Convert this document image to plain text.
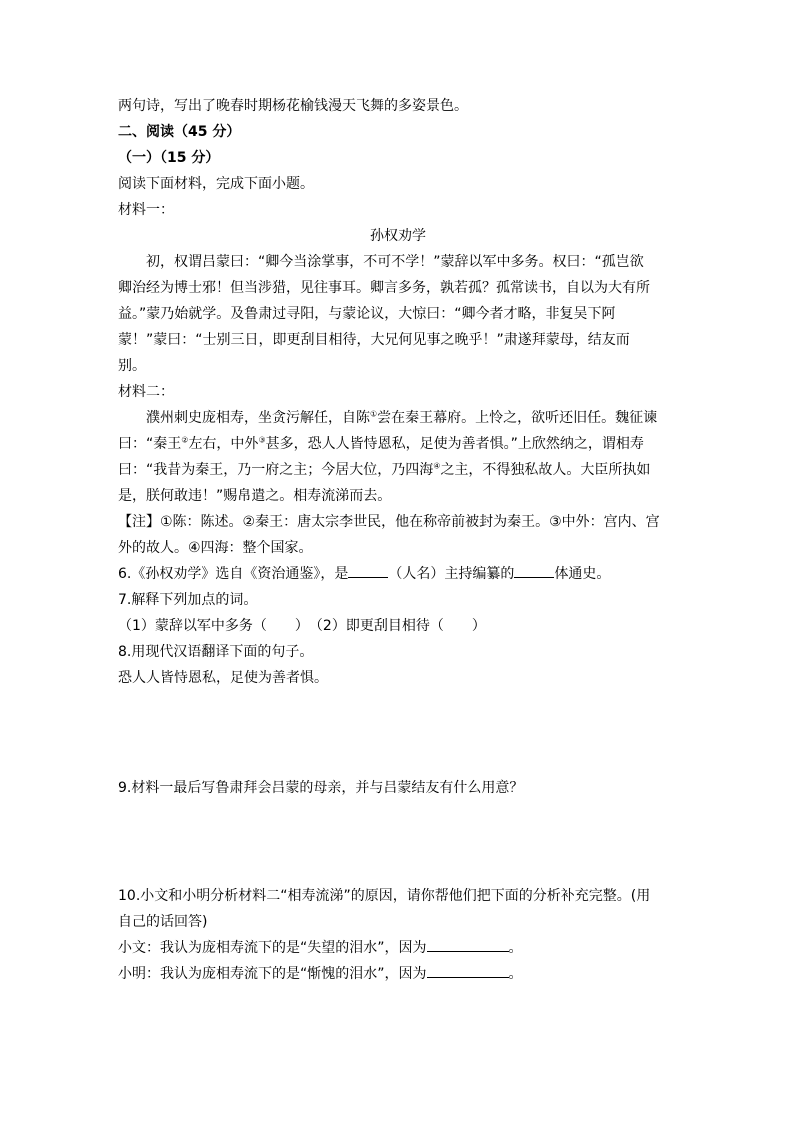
两句诗，写出了晚春时期杨花榆钱漫天飞舞的多姿景色。
二、阅读（45 分）
（一）（15 分）
阅读下面材料，完成下面小题。
材料一：
孙权劝学
初，权谓吕蒙曰：“卿今当涂掌事，不可不学！”蒙辞以军中多务。权曰：“孤岂欲
卿治经为博士邪！但当涉猎，见往事耳。卿言多务，孰若孤？孤常读书，自以为大有所
益。”蒙乃始就学。及鲁肃过寻阳，与蒙论议，大惊曰：“卿今者才略，非复吴下阿
蒙！”蒙曰：“士别三日，即更刮目相待，大兄何见事之晚乎！”肃遂拜蒙母，结友而
别。
材料二：
濮州刺史庞相寿，坐贪污解任，自陈①尝在秦王幕府。上怜之，欲听还旧任。魏征谏
曰：“秦王②左右，中外③甚多，恐人人皆恃恩私，足使为善者惧。”上欣然纳之，谓相寿
曰：“我昔为秦王，乃一府之主；今居大位，乃四海④之主，不得独私故人。大臣所执如
是，朕何敢违！”赐帛遣之。相寿流涕而去。
【注】①陈：陈述。②秦王：唐太宗李世民，他在称帝前被封为秦王。③中外：宫内、宫
外的故人。④四海：整个国家。
6.《孙权劝学》选自《资治通鉴》，是	（人名）主持编纂的	体通史。
7.解释下列加点的词。
（1）蒙辞以军中多务（　　）　（2）即更刮目相待（　　）
8.用现代汉语翻译下面的句子。
恐人人皆恃恩私，足使为善者惧。
9.材料一最后写鲁肃拜会吕蒙的母亲，并与吕蒙结友有什么用意？
10.小文和小明分析材料二“相寿流涕”的原因，请你帮他们把下面的分析补充完整。(用
自己的话回答)
小文：我认为庞相寿流下的是“失望的泪水”，因为	。
小明：我认为庞相寿流下的是“惭愧的泪水”，因为	。
